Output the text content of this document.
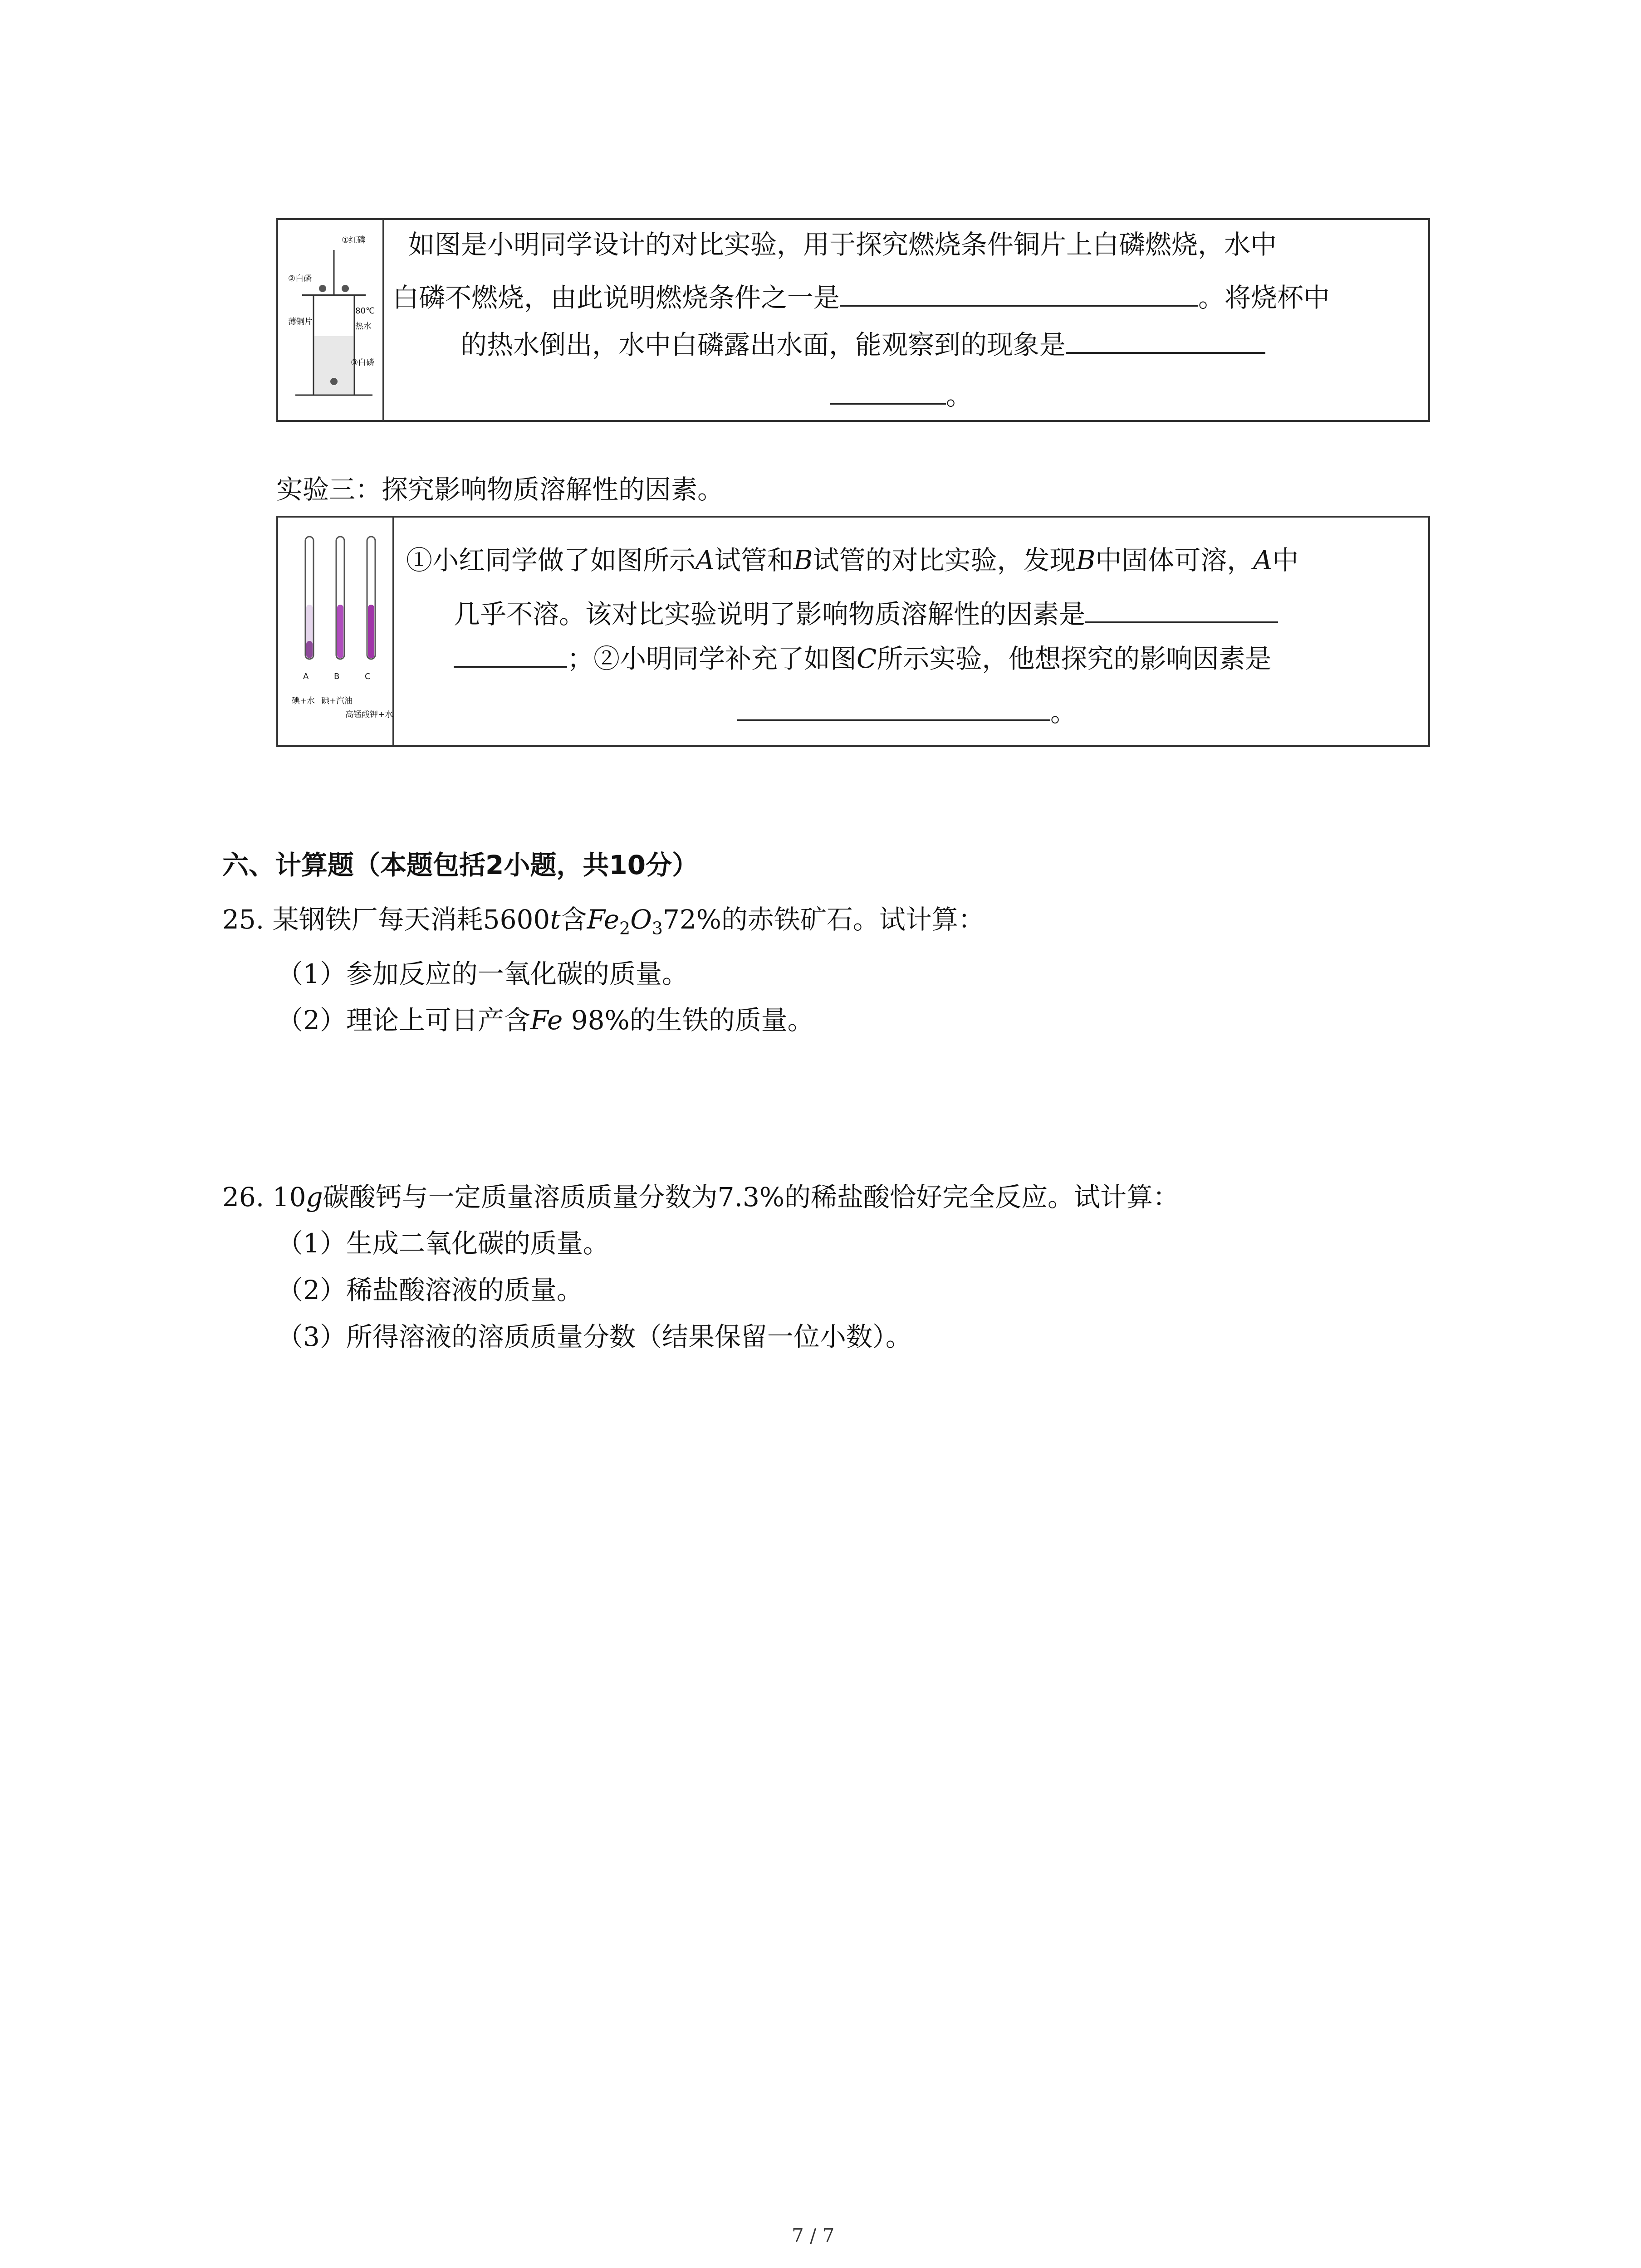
①红磷
②白磷
薄铜片
80℃
热水
③白磷
如图是小明同学设计的对比实验，用于探究燃烧条件铜片上白磷燃烧，水中
白磷不燃烧，由此说明燃烧条件之一是	。将烧杯中
的热水倒出，水中白磷露出水面，能观察到的现象是
。
实验三：探究影响物质溶解性的因素。
A	B	C
碘+水 碘+汽油
高锰酸钾+水
①小红同学做了如图所示A试管和B试管的对比实验，发现B中固体可溶，A中
几乎不溶。该对比实验说明了影响物质溶解性的因素是
；②小明同学补充了如图C所示实验，他想探究的影响因素是
。
六、计算题（本题包括2小题，共10分）
25. 某钢铁厂每天消耗5600t含$Fe_2O_372\%$的赤铁矿石。试计算：
（1）参加反应的一氧化碳的质量。
（2）理论上可日产含Fe 98%的生铁的质量。
26. 10g碳酸钙与一定质量溶质质量分数为7.3%的稀盐酸恰好完全反应。试计算：
（1）生成二氧化碳的质量。
（2）稀盐酸溶液的质量。
（3）所得溶液的溶质质量分数（结果保留一位小数）。
7 / 7
